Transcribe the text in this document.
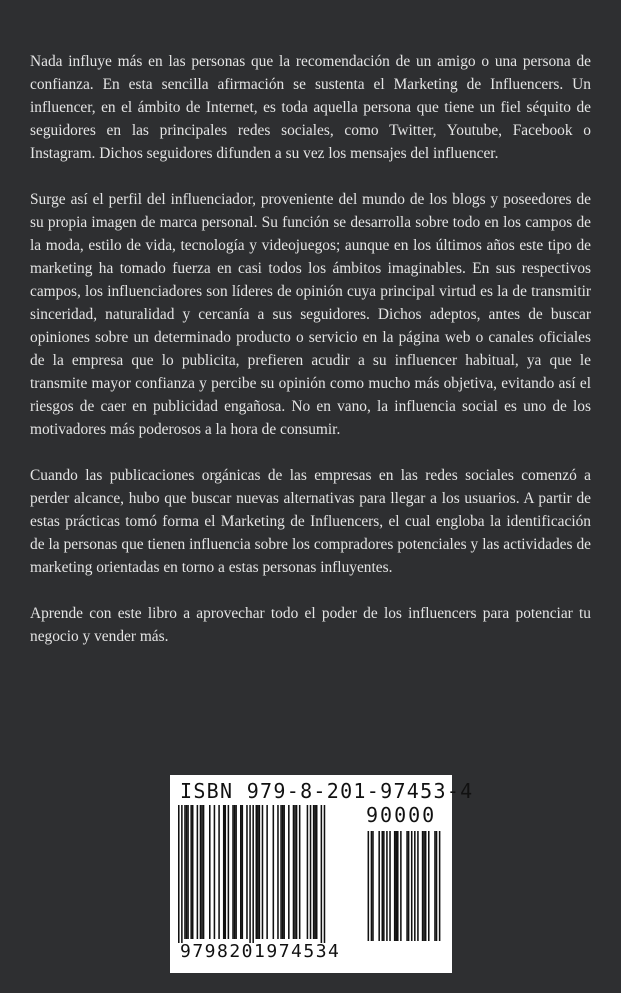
Nada influye más en las personas que la recomendación de un amigo o una persona de confianza. En esta sencilla afirmación se sustenta el Marketing de Influencers. Un influencer, en el ámbito de Internet, es toda aquella persona que tiene un fiel séquito de seguidores en las principales redes sociales, como Twitter, Youtube, Facebook o Instagram. Dichos seguidores difunden a su vez los mensajes del influencer.

Surge así el perfil del influenciador, proveniente del mundo de los blogs y poseedores de su propia imagen de marca personal. Su función se desarrolla sobre todo en los campos de la moda, estilo de vida, tecnología y videojuegos; aunque en los últimos años este tipo de marketing ha tomado fuerza en casi todos los ámbitos imaginables. En sus respectivos campos, los influenciadores son líderes de opinión cuya principal virtud es la de transmitir sinceridad, naturalidad y cercanía a sus seguidores. Dichos adeptos, antes de buscar opiniones sobre un determinado producto o servicio en la página web o canales oficiales de la empresa que lo publicita, prefieren acudir a su influencer habitual, ya que le transmite mayor confianza y percibe su opinión como mucho más objetiva, evitando así el riesgos de caer en publicidad engañosa. No en vano, la influencia social es uno de los motivadores más poderosos a la hora de consumir.

Cuando las publicaciones orgánicas de las empresas en las redes sociales comenzó a perder alcance, hubo que buscar nuevas alternativas para llegar a los usuarios. A partir de estas prácticas tomó forma el Marketing de Influencers, el cual engloba la identificación de la personas que tienen influencia sobre los compradores potenciales y las actividades de marketing orientadas en torno a estas personas influyentes.

Aprende con este libro a aprovechar todo el poder de los influencers para potenciar tu negocio y vender más.

ISBN 979-8-201-97453-4
90000
9798201974534
